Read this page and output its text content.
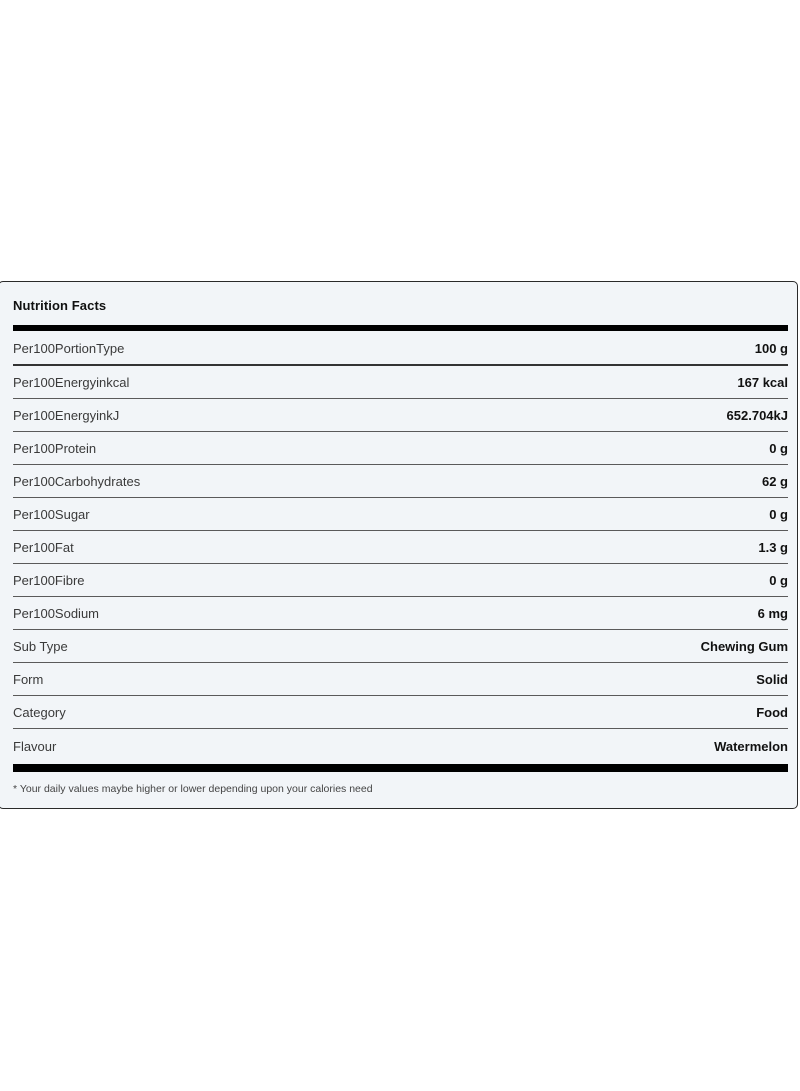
Nutrition Facts
Per100PortionType	100 g
Per100Energyinkcal	167 kcal
Per100EnergyinkJ	652.704kJ
Per100Protein	0 g
Per100Carbohydrates	62 g
Per100Sugar	0 g
Per100Fat	1.3 g
Per100Fibre	0 g
Per100Sodium	6 mg
Sub Type	Chewing Gum
Form	Solid
Category	Food
Flavour	Watermelon
* Your daily values maybe higher or lower depending upon your calories need
